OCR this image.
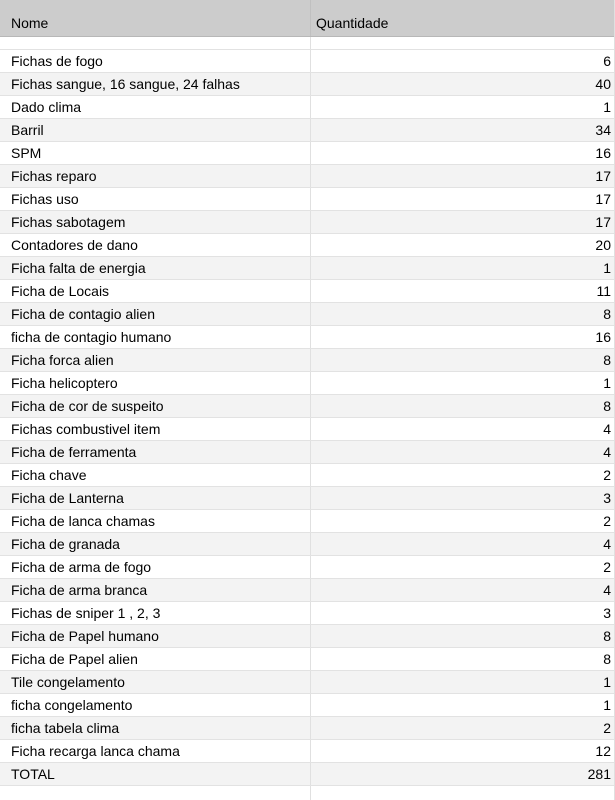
Nome	Quantidade
Fichas de fogo	6
Fichas sangue, 16 sangue, 24 falhas	40
Dado clima	1
Barril	34
SPM	16
Fichas reparo	17
Fichas uso	17
Fichas sabotagem	17
Contadores de dano	20
Ficha falta de energia	1
Ficha de Locais	11
Ficha de contagio alien	8
ficha de contagio humano	16
Ficha forca alien	8
Ficha helicoptero	1
Ficha de cor de suspeito	8
Fichas combustivel item	4
Ficha de ferramenta	4
Ficha chave	2
Ficha de Lanterna	3
Ficha de lanca chamas	2
Ficha de granada	4
Ficha de arma de fogo	2
Ficha de arma branca	4
Fichas de sniper 1 , 2, 3	3
Ficha de Papel humano	8
Ficha de Papel alien	8
Tile congelamento	1
ficha congelamento	1
ficha tabela clima	2
Ficha recarga lanca chama	12
TOTAL	281
